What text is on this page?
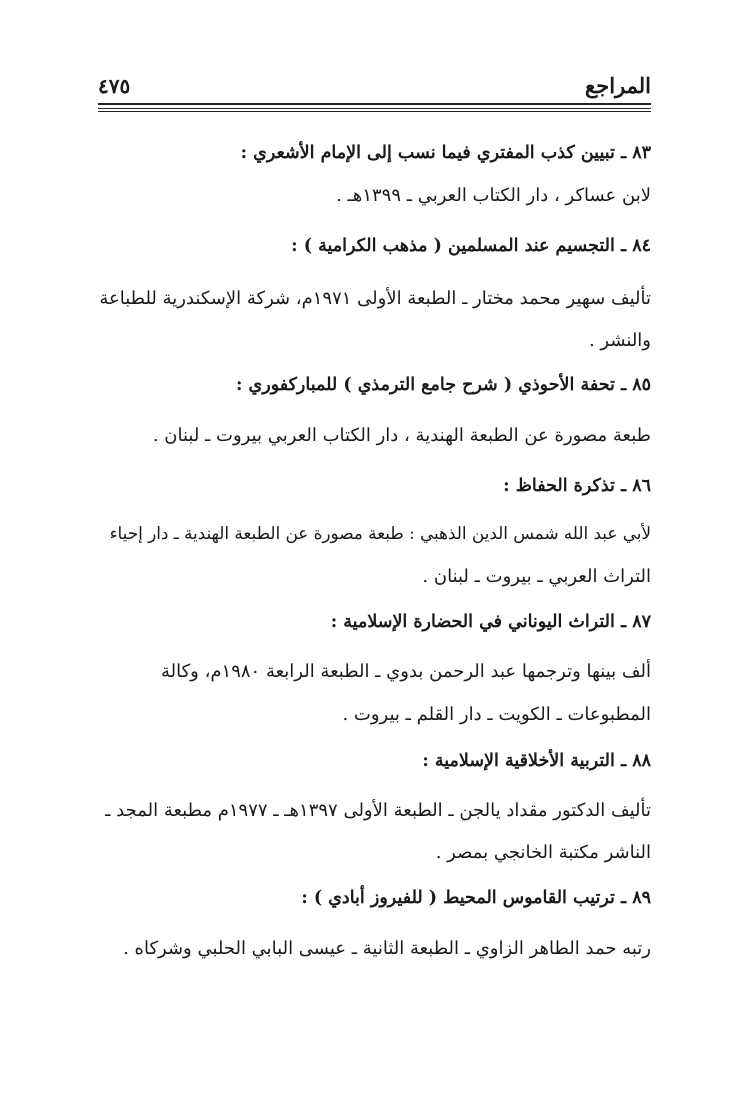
المراجع
٤٧٥
٨٣ ـ تبيين كذب المفتري فيما نسب إلى الإمام الأشعري :
لابن عساكر ، دار الكتاب العربي ـ ١٣٩٩هـ .
٨٤ ـ التجسيم عند المسلمين ( مذهب الكرامية ) :
تأليف سهير محمد مختار ـ الطبعة الأولى ١٩٧١م، شركة الإسكندرية للطباعة
والنشر .
٨٥ ـ تحفة الأحوذي ( شرح جامع الترمذي ) للمباركفوري :
طبعة مصورة عن الطبعة الهندية ، دار الكتاب العربي بيروت ـ لبنان .
٨٦ ـ تذكرة الحفاظ :
لأبي عبد الله شمس الدين الذهبي : طبعة مصورة عن الطبعة الهندية ـ دار إحياء
التراث العربي ـ بيروت ـ لبنان .
٨٧ ـ التراث اليوناني في الحضارة الإسلامية :
ألف بينها وترجمها عبد الرحمن بدوي ـ الطبعة الرابعة ١٩٨٠م، وكالة
المطبوعات ـ الكويت ـ دار القلم ـ بيروت .
٨٨ ـ التربية الأخلاقية الإسلامية :
تأليف الدكتور مقداد يالجن ـ الطبعة الأولى ١٣٩٧هـ ـ ١٩٧٧م مطبعة المجد ـ
الناشر مكتبة الخانجي بمصر .
٨٩ ـ ترتيب القاموس المحيط ( للفيروز أبادي ) :
رتبه حمد الطاهر الزاوي ـ الطبعة الثانية ـ عيسى البابي الحلبي وشركاه .
